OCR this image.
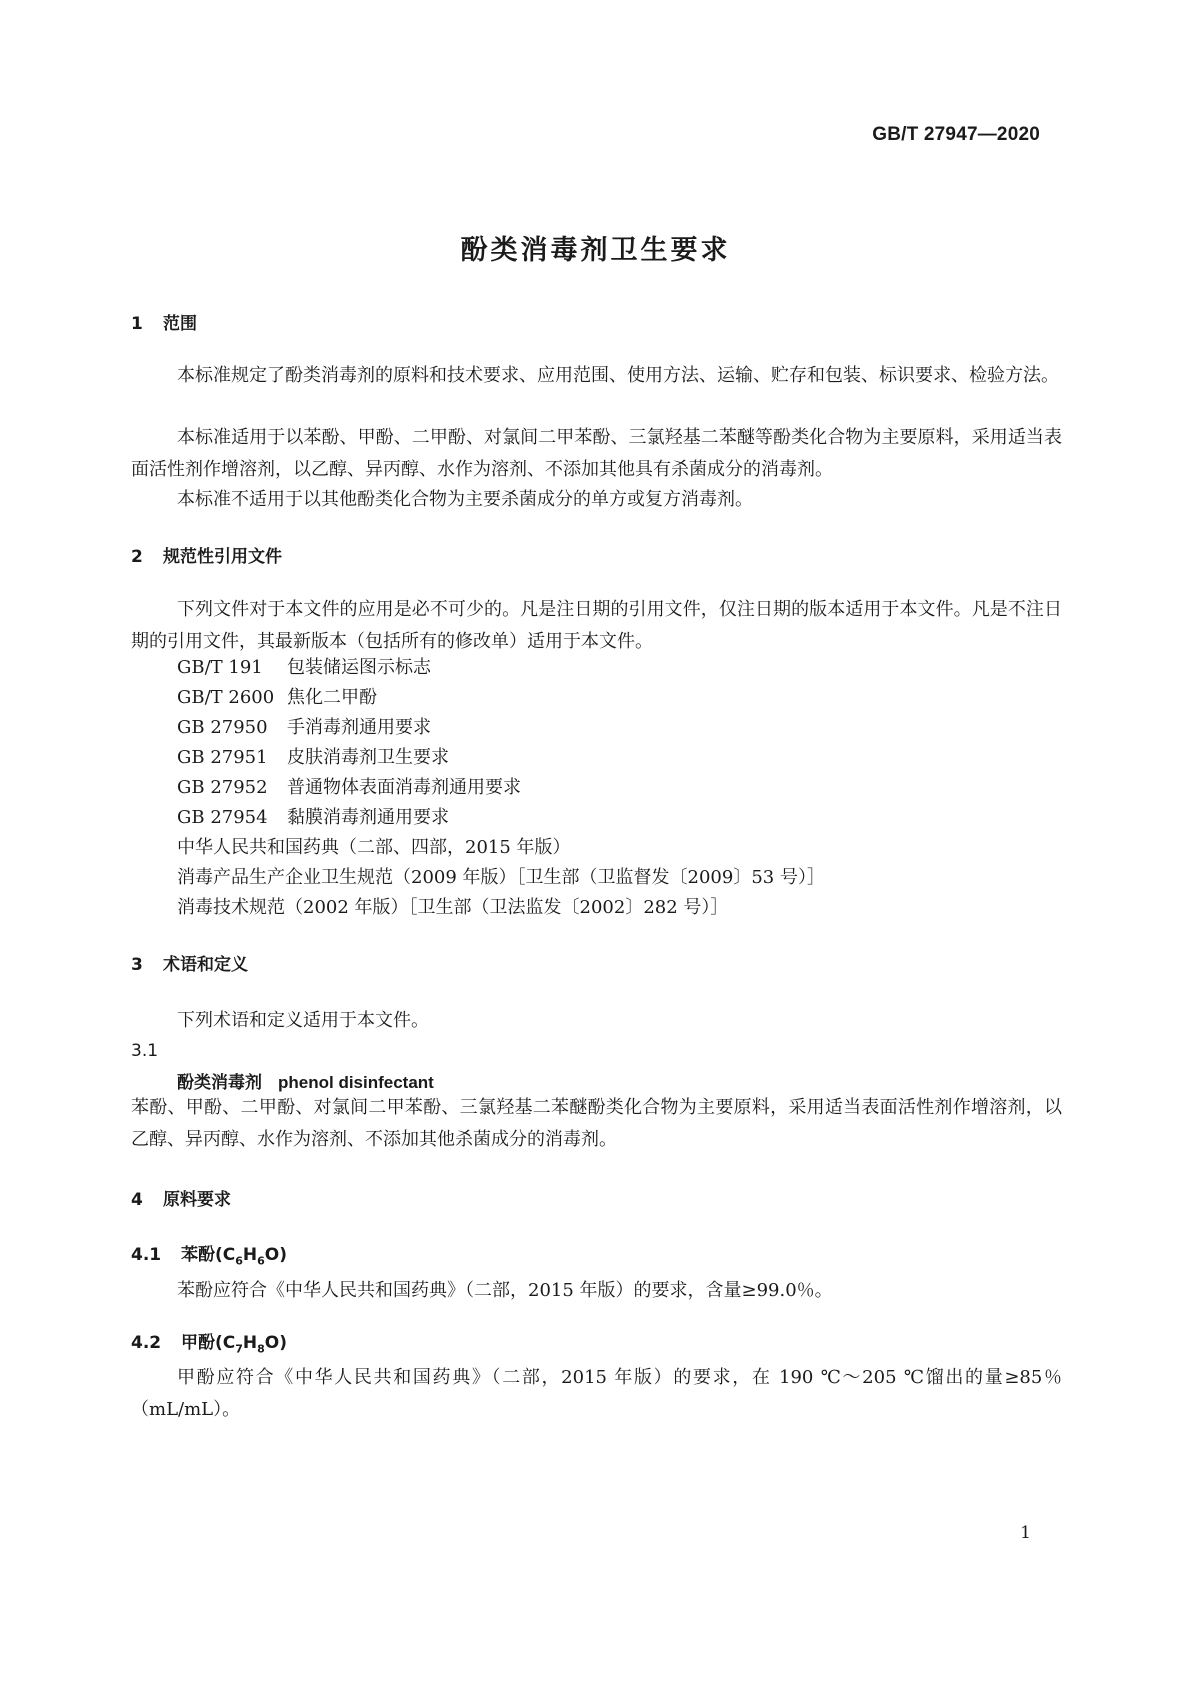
GB/T 27947—2020
酚类消毒剂卫生要求
1 范围
本标准规定了酚类消毒剂的原料和技术要求、应用范围、使用方法、运输、贮存和包装、标识要求、检验方法。
本标准适用于以苯酚、甲酚、二甲酚、对氯间二甲苯酚、三氯羟基二苯醚等酚类化合物为主要原料，采用适当表面活性剂作增溶剂，以乙醇、异丙醇、水作为溶剂、不添加其他具有杀菌成分的消毒剂。
本标准不适用于以其他酚类化合物为主要杀菌成分的单方或复方消毒剂。
2 规范性引用文件
下列文件对于本文件的应用是必不可少的。凡是注日期的引用文件，仅注日期的版本适用于本文件。凡是不注日期的引用文件，其最新版本（包括所有的修改单）适用于本文件。
GB/T 191 包装储运图示标志
GB/T 2600 焦化二甲酚
GB 27950 手消毒剂通用要求
GB 27951 皮肤消毒剂卫生要求
GB 27952 普通物体表面消毒剂通用要求
GB 27954 黏膜消毒剂通用要求
中华人民共和国药典（二部、四部，2015 年版）
消毒产品生产企业卫生规范（2009 年版）［卫生部（卫监督发〔2009〕53 号）］
消毒技术规范（2002 年版）［卫生部（卫法监发〔2002〕282 号）］
3 术语和定义
下列术语和定义适用于本文件。
3.1
酚类消毒剂 phenol disinfectant
苯酚、甲酚、二甲酚、对氯间二甲苯酚、三氯羟基二苯醚酚类化合物为主要原料，采用适当表面活性剂作增溶剂，以乙醇、异丙醇、水作为溶剂、不添加其他杀菌成分的消毒剂。
4 原料要求
4.1 苯酚$(C_6H_6O)$
苯酚应符合《中华人民共和国药典》（二部，2015 年版）的要求，含量≥99.0％。
4.2 甲酚$(C_7H_8O)$
甲酚应符合《中华人民共和国药典》（二部，2015 年版）的要求，在 190 ℃～205 ℃馏出的量≥85％（mL/mL）。
1
